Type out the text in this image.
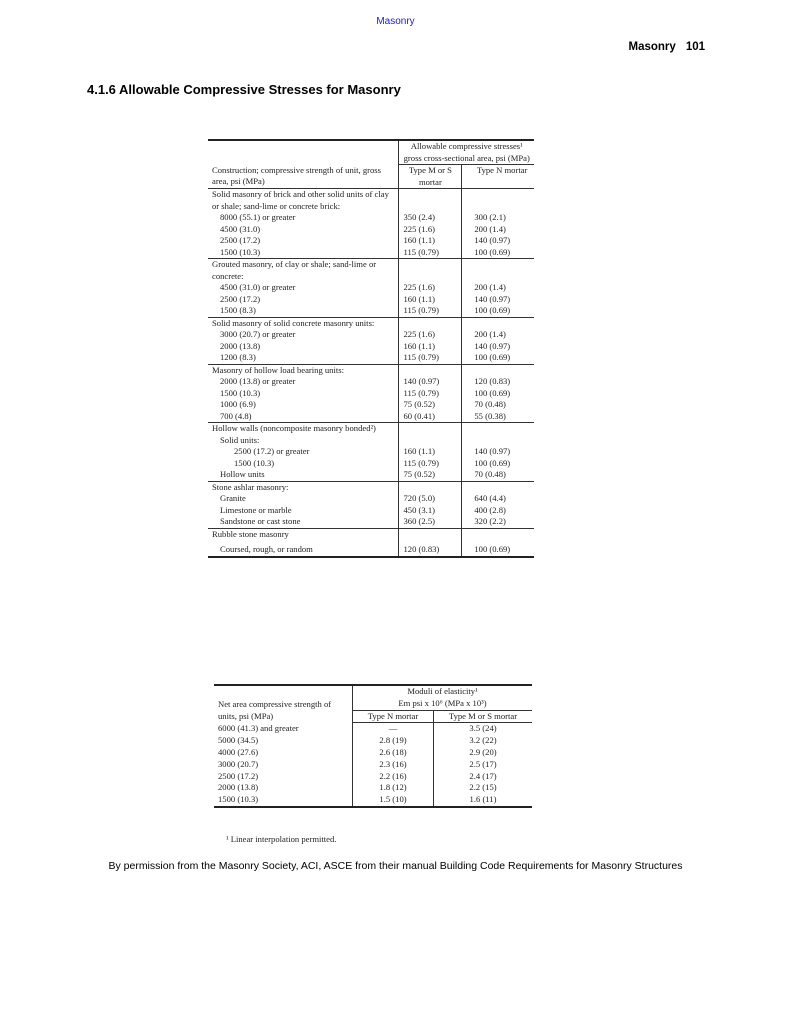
Masonry
Masonry 101
4.1.6 Allowable Compressive Stresses for Masonry
	Allowable compressive stresses¹ gross cross-sectional area, psi (MPa)	
Construction; compressive strength of unit, gross area, psi (MPa)	Type M or S mortar	Type N mortar
Solid masonry of brick and other solid units of clay or shale; sand-lime or concrete brick:		
8000 (55.1) or greater	350 (2.4)	300 (2.1)
4500 (31.0)	225 (1.6)	200 (1.4)
2500 (17.2)	160 (1.1)	140 (0.97)
1500 (10.3)	115 (0.79)	100 (0.69)
Grouted masonry, of clay or shale; sand-lime or concrete:		
4500 (31.0) or greater	225 (1.6)	200 (1.4)
2500 (17.2)	160 (1.1)	140 (0.97)
1500 (8.3)	115 (0.79)	100 (0.69)
Solid masonry of solid concrete masonry units:		
3000 (20.7) or greater	225 (1.6)	200 (1.4)
2000 (13.8)	160 (1.1)	140 (0.97)
1200 (8.3)	115 (0.79)	100 (0.69)
Masonry of hollow load bearing units:		
2000 (13.8) or greater	140 (0.97)	120 (0.83)
1500 (10.3)	115 (0.79)	100 (0.69)
1000 (6.9)	75 (0.52)	70 (0.48)
700 (4.8)	60 (0.41)	55 (0.38)
Hollow walls (noncomposite masonry bonded²)		
Solid units:		
2500 (17.2) or greater	160 (1.1)	140 (0.97)
1500 (10.3)	115 (0.79)	100 (0.69)
Hollow units	75 (0.52)	70 (0.48)
Stone ashlar masonry:		
Granite	720 (5.0)	640 (4.4)
Limestone or marble	450 (3.1)	400 (2.8)
Sandstone or cast stone	360 (2.5)	320 (2.2)
Rubble stone masonry		

Coursed, rough, or random	120 (0.83)	100 (0.69)
Net area compressive strength of units, psi (MPa)	Moduli of elasticity¹
Em psi x 10⁶ (MPa x 10³)	

	Type N mortar	Type M or S mortar
6000 (41.3) and greater	—	3.5 (24)
5000 (34.5)	2.8 (19)	3.2 (22)
4000 (27.6)	2.6 (18)	2.9 (20)
3000 (20.7)	2.3 (16)	2.5 (17)
2500 (17.2)	2.2 (16)	2.4 (17)
2000 (13.8)	1.8 (12)	2.2 (15)
1500 (10.3)	1.5 (10)	1.6 (11)
¹ Linear interpolation permitted.
By permission from the Masonry Society, ACI, ASCE from their manual Building Code Requirements for Masonry Structures
